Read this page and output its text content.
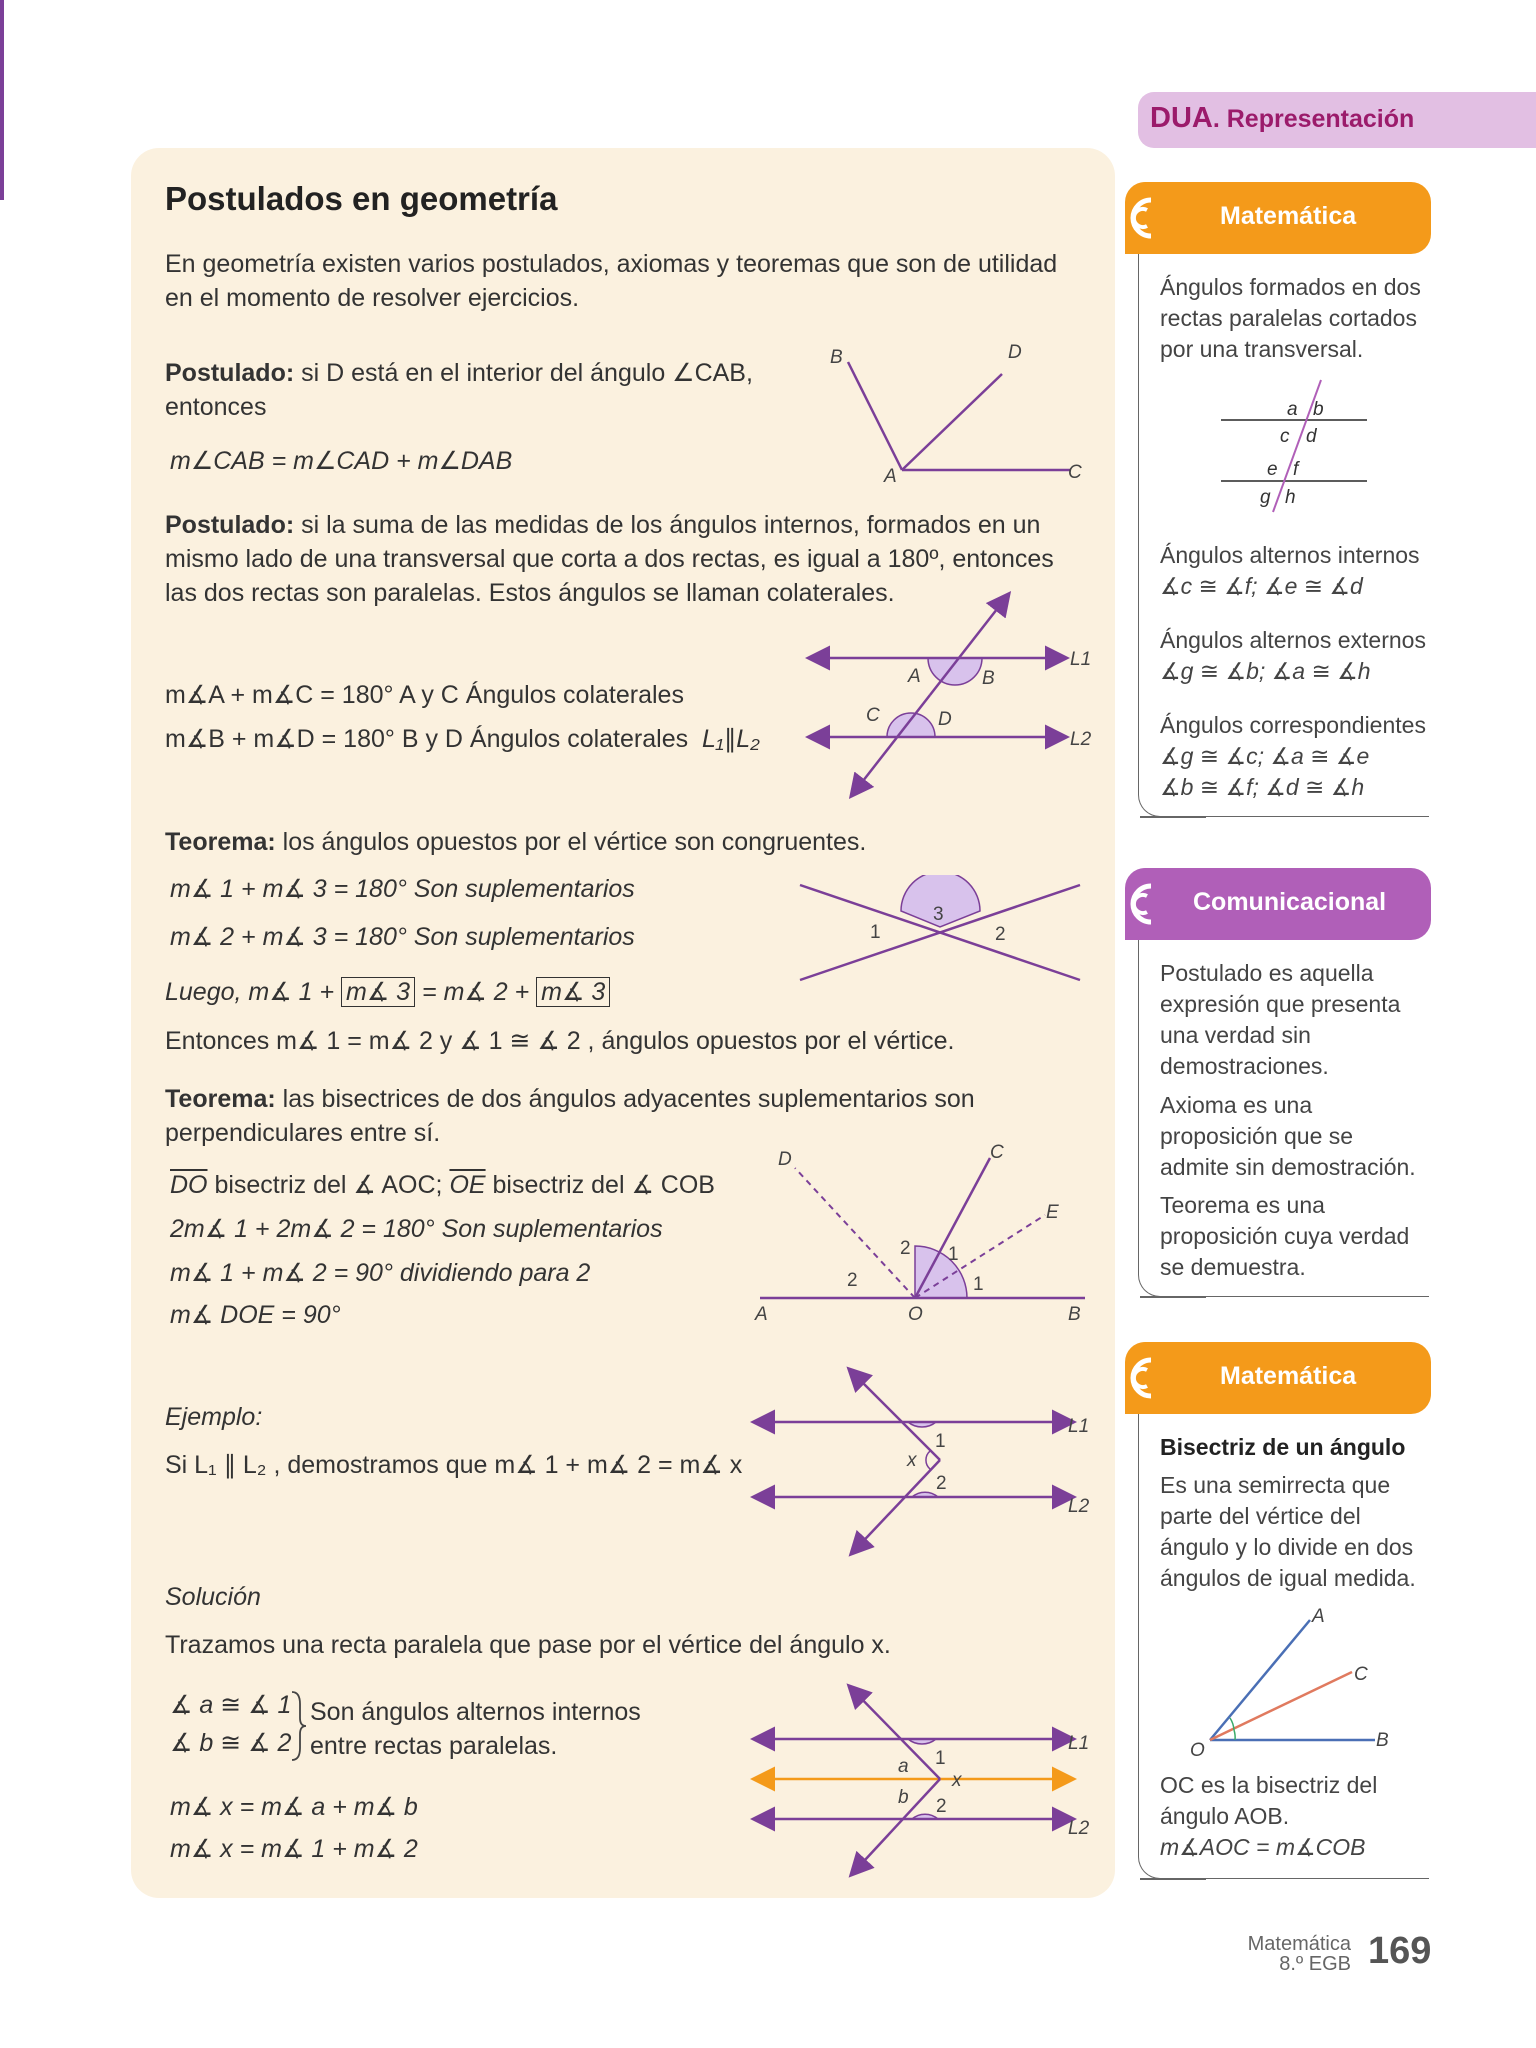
Postulados en geometría
En geometría existen varios postulados, axiomas y teoremas que son de utilidad en el momento de resolver ejercicios.
Postulado: si D está en el interior del ángulo ∠CAB,
entonces
m∠CAB = m∠CAD + m∠DAB
B	D
A	C
Postulado: si la suma de las medidas de los ángulos internos, formados en un mismo lado de una transversal que corta a dos rectas, es igual a 180º, entonces las dos rectas son paralelas. Estos ángulos se llaman colaterales.
m∡A + m∡C = 180° A y C Ángulos colaterales
m∡B + m∡D = 180° B y D Ángulos colaterales L₁∥L₂
A	B
C	D
L1
L2
Teorema: los ángulos opuestos por el vértice son congruentes.
m∡ 1 + m∡ 3 = 180° Son suplementarios
m∡ 2 + m∡ 3 = 180° Son suplementarios
Luego, m∡ 1 + m∡ 3 = m∡ 2 + m∡ 3
Entonces m∡ 1 = m∡ 2 y ∡ 1 ≅ ∡ 2 , ángulos opuestos por el vértice.
1
3
2
Teorema: las bisectrices de dos ángulos adyacentes suplementarios son perpendiculares entre sí.
$\overline{DO}$ bisectriz del ∡ AOC; $\overline{OE}$ bisectriz del ∡ COB
2m∡ 1 + 2m∡ 2 = 180° Son suplementarios
m∡ 1 + m∡ 2 = 90° dividiendo para 2
m∡ DOE = 90°
D	C
E
2 1
2	1
A	O	B
Ejemplo:
Si L₁ ∥ L₂ , demostramos que m∡ 1 + m∡ 2 = m∡ x
L1
1
x
2
L2
Solución
Trazamos una recta paralela que pase por el vértice del ángulo x.
∡ a ≅ ∡ 1
∡ b ≅ ∡ 2
Son ángulos alternos internos
entre rectas paralelas.
m∡ x = m∡ a + m∡ b
m∡ x = m∡ 1 + m∡ 2
L1
1
a
x
b 2
L2
DUA. Representación
Matemática
Ángulos formados en dos rectas paralelas cortados por una transversal.
a b
c d
e f
g h
Ángulos alternos internos
∡c ≅ ∡f; ∡e ≅ ∡d
Ángulos alternos externos
∡g ≅ ∡b; ∡a ≅ ∡h
Ángulos correspondientes
∡g ≅ ∡c; ∡a ≅ ∡e
∡b ≅ ∡f; ∡d ≅ ∡h
Comunicacional
Postulado es aquella expresión que presenta una verdad sin demostraciones.
Axioma es una proposición que se admite sin demostración.
Teorema es una proposición cuya verdad se demuestra.
Matemática
Bisectriz de un ángulo
Es una semirrecta que parte del vértice del ángulo y lo divide en dos ángulos de igual medida.
A
C
O	B
OC es la bisectriz del ángulo AOB.
m∡AOC = m∡COB
Matemática
8.º EGB 169
